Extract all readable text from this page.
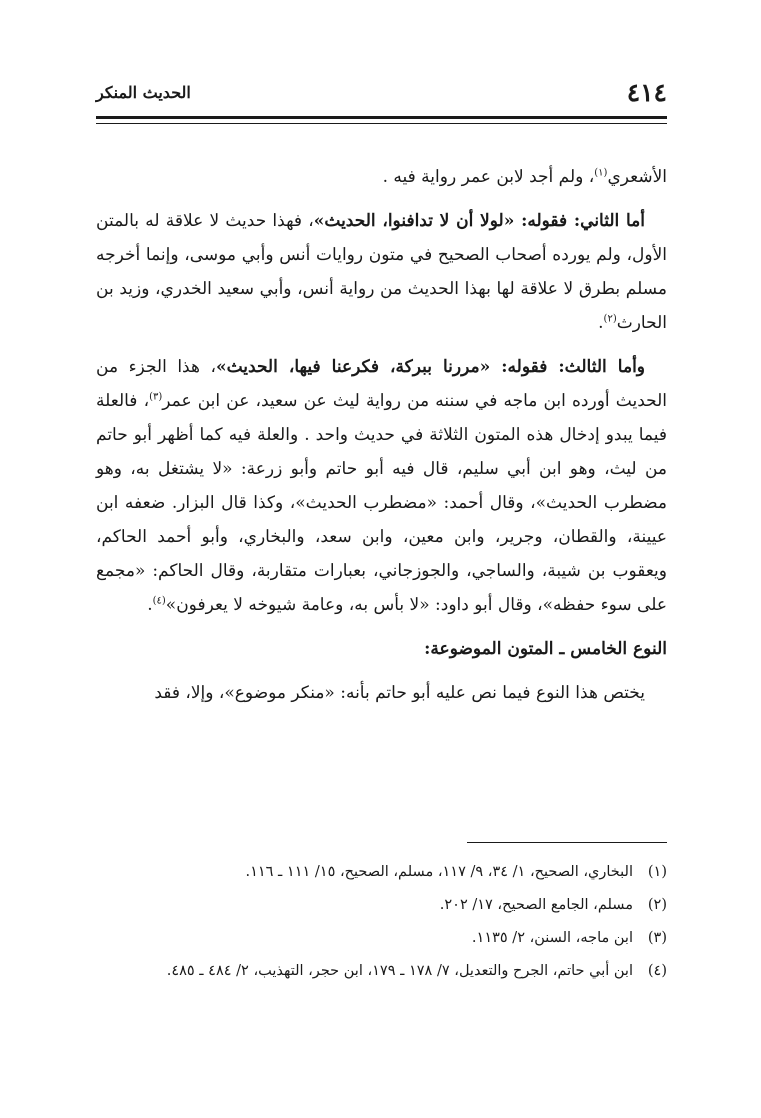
٤١٤
الحديث المنكر

الأشعري$^{(١)}$، ولم أجد لابن عمر رواية فيه .

أما الثاني: فقوله: «لولا أن لا تدافنوا، الحديث»، فهذا حديث لا علاقة له بالمتن الأول، ولم يورده أصحاب الصحيح في متون روايات أنس وأبي موسى، وإنما أخرجه مسلم بطرق لا علاقة لها بهذا الحديث من رواية أنس، وأبي سعيد الخدري، وزيد بن الحارث$^{(٢)}$.

وأما الثالث: فقوله: «مررنا ببركة، فكرعنا فيها، الحديث»، هذا الجزء من الحديث أورده ابن ماجه في سننه من رواية ليث عن سعيد، عن ابن عمر$^{(٣)}$، فالعلة فيما يبدو إدخال هذه المتون الثلاثة في حديث واحد . والعلة فيه كما أظهر أبو حاتم من ليث، وهو ابن أبي سليم، قال فيه أبو حاتم وأبو زرعة: «لا يشتغل به، وهو مضطرب الحديث»، وقال أحمد: «مضطرب الحديث»، وكذا قال البزار. ضعفه ابن عيينة، والقطان، وجرير، وابن معين، وابن سعد، والبخاري، وأبو أحمد الحاكم، ويعقوب بن شيبة، والساجي، والجوزجاني، بعبارات متقاربة، وقال الحاكم: «مجمع على سوء حفظه»، وقال أبو داود: «لا بأس به، وعامة شيوخه لا يعرفون»$^{(٤)}$.

النوع الخامس ـ المتون الموضوعة:

يختص هذا النوع فيما نص عليه أبو حاتم بأنه: «منكر موضوع»، وإلا، فقد

(١)البخاري، الصحيح، ١/ ٣٤، ٩/ ١١٧، مسلم، الصحيح، ١٥/ ١١١ ـ ١١٦.

(٢)مسلم، الجامع الصحيح، ١٧/ ٢٠٢.

(٣)ابن ماجه، السنن، ٢/ ١١٣٥.

(٤)ابن أبي حاتم، الجرح والتعديل، ٧/ ١٧٨ ـ ١٧٩، ابن حجر، التهذيب، ٢/ ٤٨٤ ـ ٤٨٥.
